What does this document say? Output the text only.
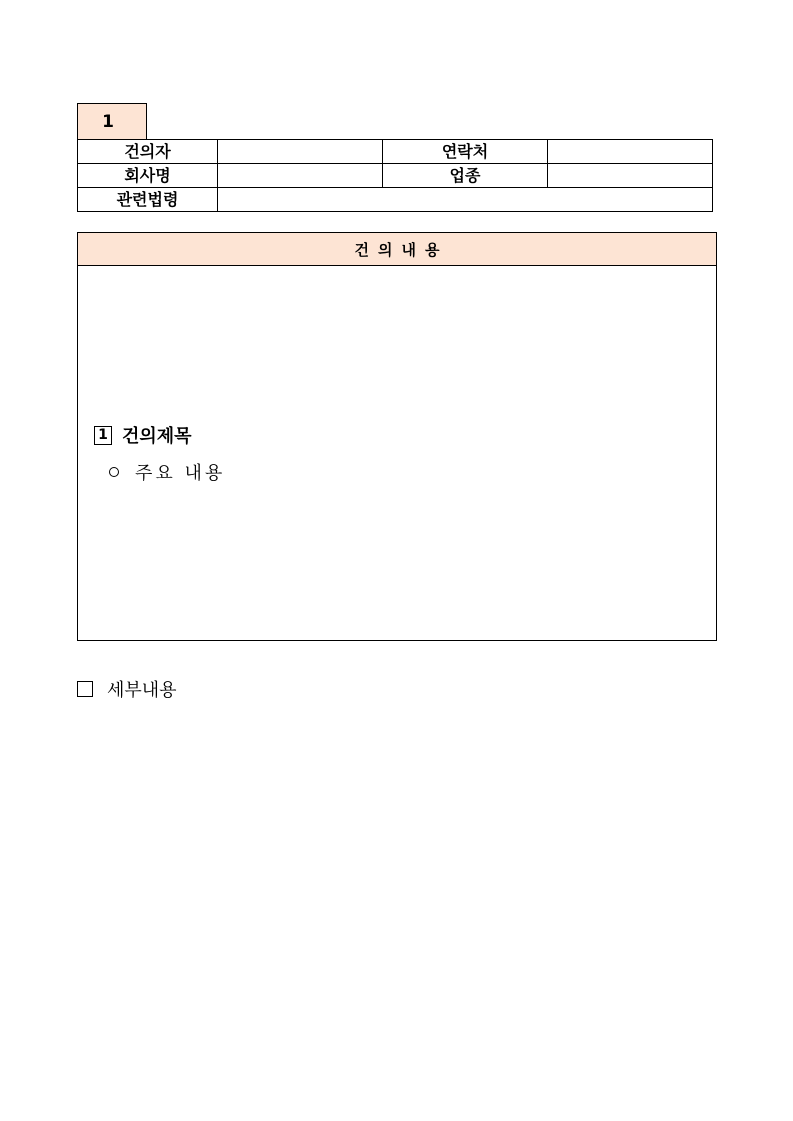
1
건의자		연락처	
회사명		업종	
관련법령			
건의내용
1 건의제목
주요 내용
세부내용
